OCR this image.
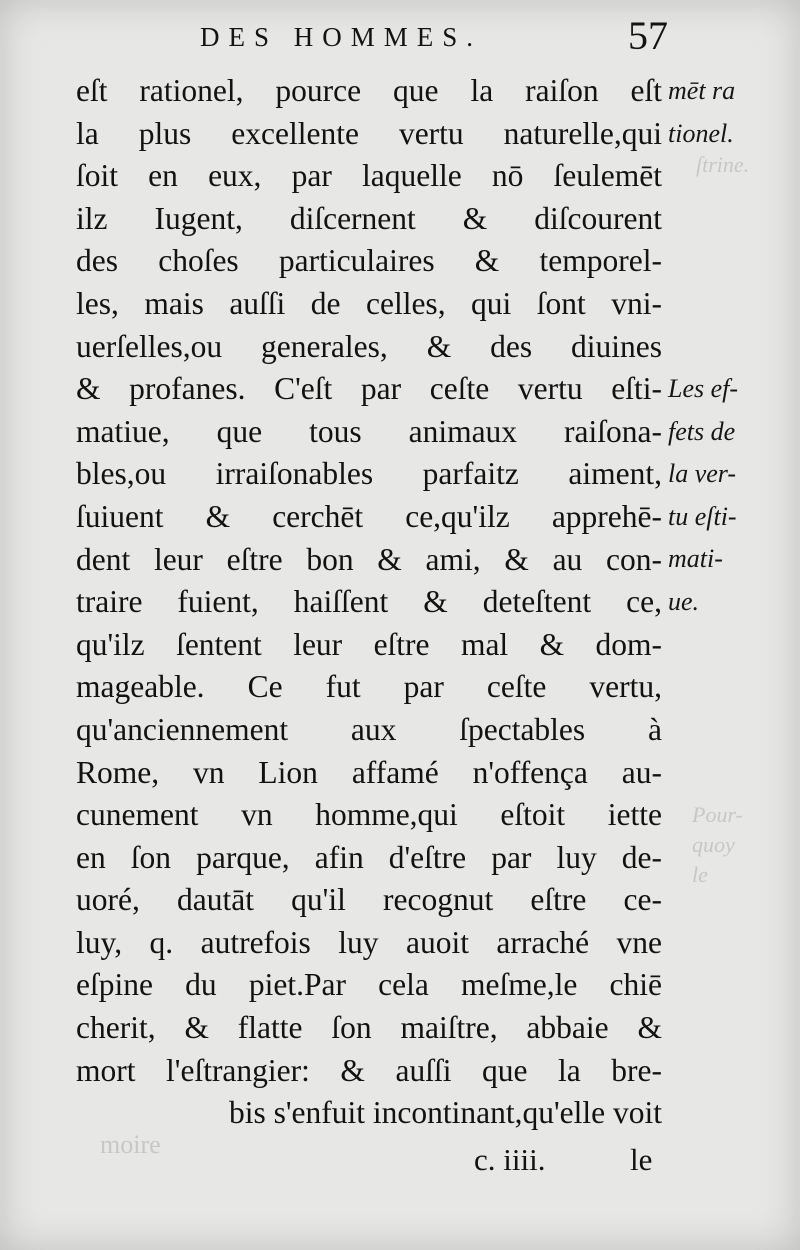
ſtrine.
Pour-
quoy
le
moire
DES HOMMES.	57
eſt rationel, pource que la raiſon eſt
la plus excellente vertu naturelle,qui
ſoit en eux, par laquelle nō ſeulemēt
ilz Iugent, diſcernent & diſcourent
des choſes particulaires & temporel-
les, mais auſſi de celles, qui ſont vni-
uerſelles,ou generales, & des diuines
& profanes. C'eſt par ceſte vertu eſti-
matiue, que tous animaux raiſona-
bles,ou irraiſonables parfaitz aiment,
ſuiuent & cerchēt ce,qu'ilz apprehē-
dent leur eſtre bon & ami, & au con-
traire fuient, haiſſent & deteſtent ce,
qu'ilz ſentent leur eſtre mal & dom-
mageable. Ce fut par ceſte vertu,
qu'anciennement aux ſpectables à
Rome, vn Lion affamé n'offença au-
cunement vn homme,qui eſtoit iette
en ſon parque, afin d'eſtre par luy de-
uoré, dautāt qu'il recognut eſtre ce-
luy, q. autrefois luy auoit arraché vne
eſpine du piet.Par cela meſme,le chiē
cherit, & flatte ſon maiſtre, abbaie &
mort l'eſtrangier: & auſſi que la bre-
bis s'enfuit incontinant,qu'elle voit
mēt ra
tionel.
Les ef-
fets de
la ver-
tu eſti-
mati-
ue.
c. iiii.	le
